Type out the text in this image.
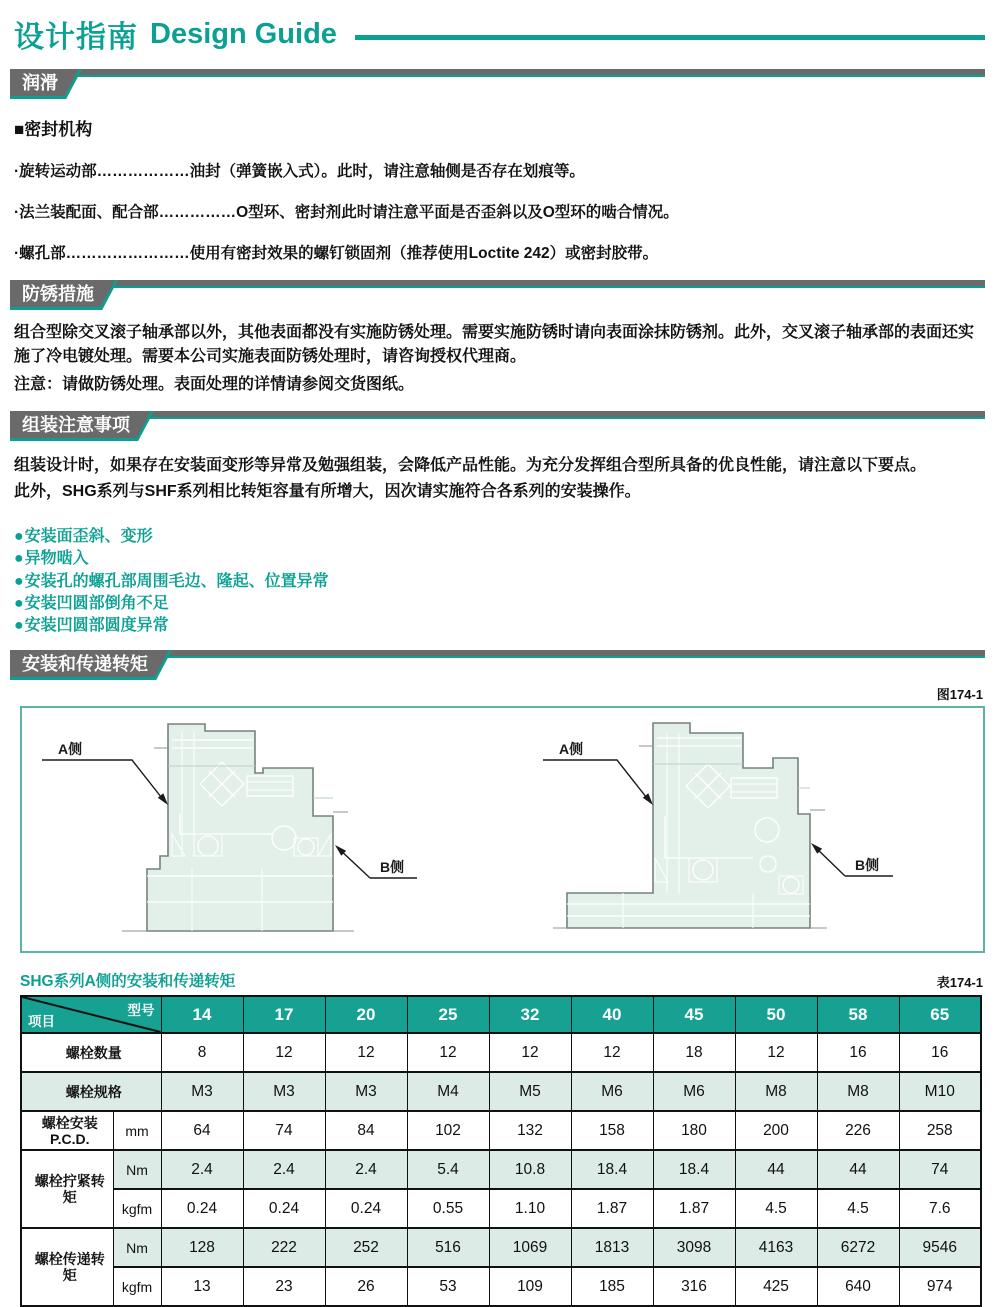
设计指南 Design Guide
润滑
■密封机构
·旋转运动部………………油封（弹簧嵌入式）。此时，请注意轴侧是否存在划痕等。
·法兰装配面、配合部……………O型环、密封剂此时请注意平面是否歪斜以及O型环的啮合情况。
·螺孔部……………………使用有密封效果的螺钉锁固剂（推荐使用Loctite 242）或密封胶带。
防锈措施
组合型除交叉滚子轴承部以外，其他表面都没有实施防锈处理。需要实施防锈时请向表面涂抹防锈剂。此外，交叉滚子轴承部的表面还实施了冷电镀处理。需要本公司实施表面防锈处理时，请咨询授权代理商。
注意：请做防锈处理。表面处理的详情请参阅交货图纸。
组装注意事项
组装设计时，如果存在安装面变形等异常及勉强组装，会降低产品性能。为充分发挥组合型所具备的优良性能，请注意以下要点。
此外，SHG系列与SHF系列相比转矩容量有所增大，因次请实施符合各系列的安装操作。
●安装面歪斜、变形
●异物啮入
●安装孔的螺孔部周围毛边、隆起、位置异常
●安装凹圆部倒角不足
●安装凹圆部圆度异常
安装和传递转矩
图174-1
A侧
B侧
A侧
B侧
SHG系列A侧的安装和传递转矩	表174-1
型号
项目		14	17	20	25	32	40	45	50	58	65
螺栓数量		8	12	12	12	12	12	18	12	16	16
螺栓规格		M3	M3	M3	M4	M5	M6	M6	M8	M8	M10
螺栓安装 P.C.D.	mm	64	74	84	102	132	158	180	200	226	258
螺栓拧紧转矩	Nm	2.4	2.4	2.4	5.4	10.8	18.4	18.4	44	44	74
	kgfm	0.24	0.24	0.24	0.55	1.10	1.87	1.87	4.5	4.5	7.6
螺栓传递转矩	Nm	128	222	252	516	1069	1813	3098	4163	6272	9546
	kgfm	13	23	26	53	109	185	316	425	640	974
